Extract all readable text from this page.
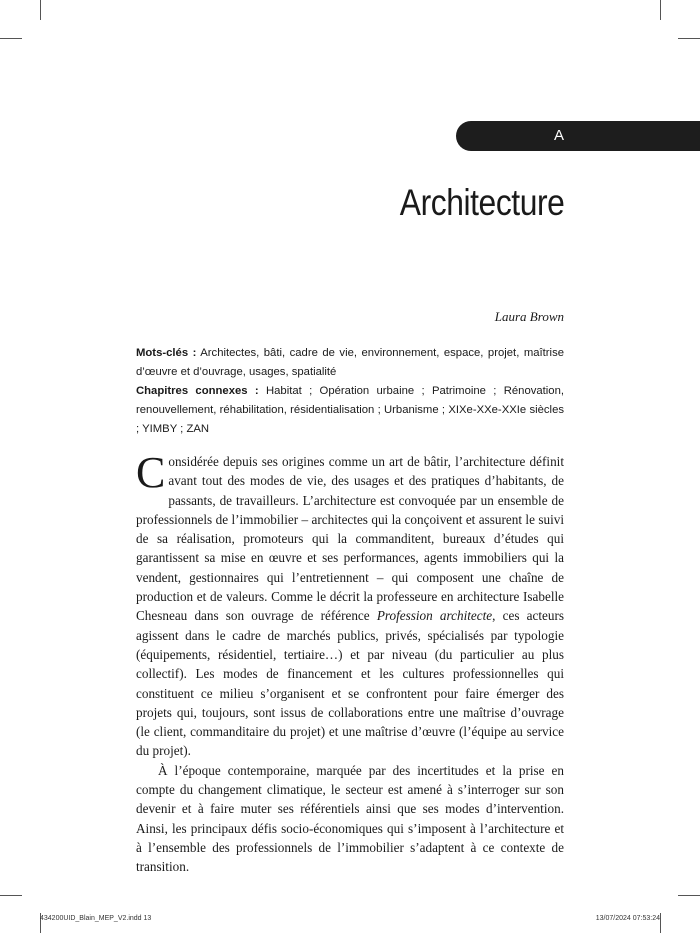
A
Architecture
Laura Brown

Mots-clés : Architectes, bâti, cadre de vie, environnement, espace, projet, maîtrise d’œuvre et d’ouvrage, usages, spatialité

Chapitres connexes : Habitat ; Opération urbaine ; Patrimoine ; Rénovation, renouvellement, réhabilitation, résidentialisation ; Urbanisme ; XIXe-XXe-XXIe siècles ; YIMBY ; ZAN

Considérée depuis ses origines comme un art de bâtir, l’architecture définit avant tout des modes de vie, des usages et des pratiques d’habitants, de passants, de travailleurs. L’architecture est convoquée par un ensemble de professionnels de l’immobilier – architectes qui la conçoivent et assurent le suivi de sa réalisation, promoteurs qui la commanditent, bureaux d’études qui garantissent sa mise en œuvre et ses performances, agents immobiliers qui la vendent, gestionnaires qui l’entretiennent – qui composent une chaîne de production et de valeurs. Comme le décrit la professeure en architecture Isabelle Chesneau dans son ouvrage de référence Profession architecte, ces acteurs agissent dans le cadre de marchés publics, privés, spécialisés par typologie (équipements, résidentiel, tertiaire…) et par niveau (du particulier au plus collectif). Les modes de financement et les cultures professionnelles qui constituent ce milieu s’organisent et se confrontent pour faire émerger des projets qui, toujours, sont issus de collaborations entre une maîtrise d’ouvrage (le client, commanditaire du projet) et une maîtrise d’œuvre (l’équipe au service du projet).

À l’époque contemporaine, marquée par des incertitudes et la prise en compte du changement climatique, le secteur est amené à s’interroger sur son devenir et à faire muter ses référentiels ainsi que ses modes d’intervention. Ainsi, les principaux défis socio-économiques qui s’imposent à l’architecture et à l’ensemble des professionnels de l’immobilier s’adaptent à ce contexte de transition.

434200UID_Blain_MEP_V2.indd 13	13/07/2024 07:53:24
